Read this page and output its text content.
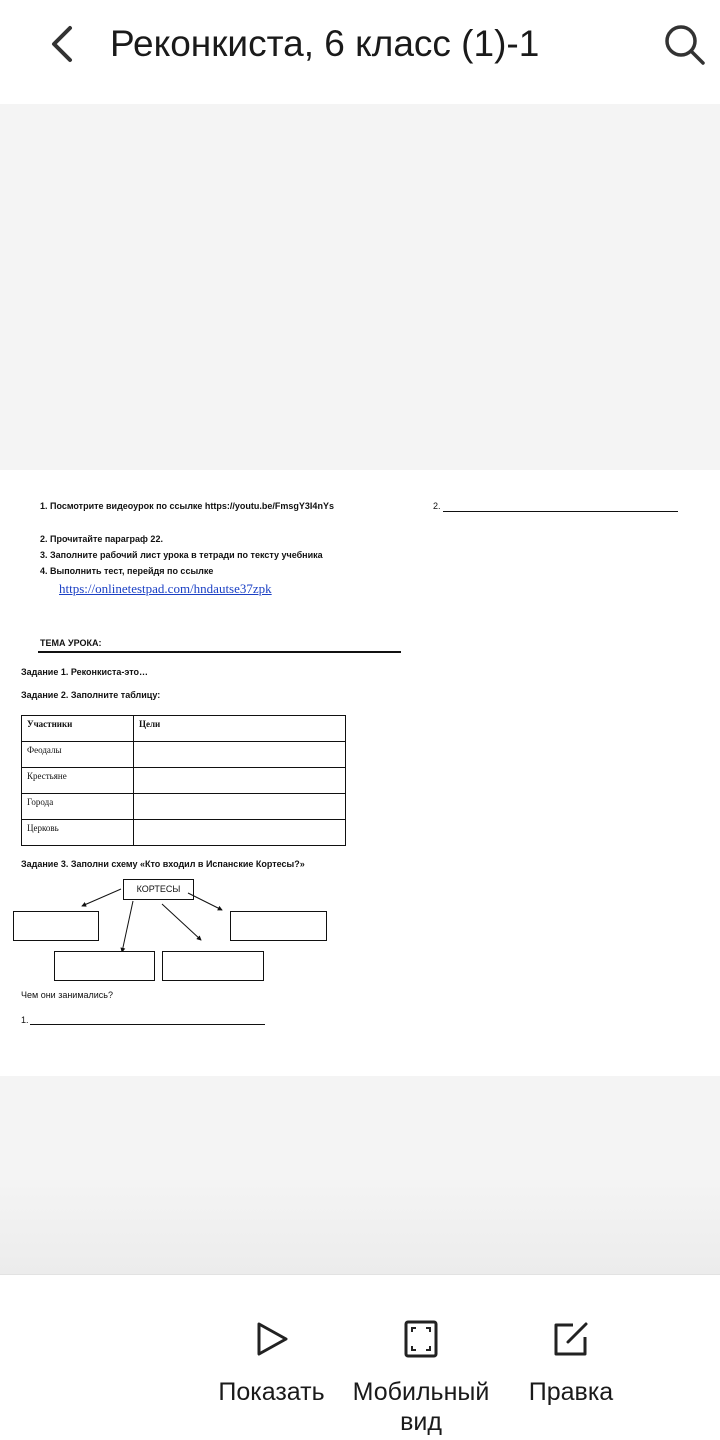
Реконкиста, 6 класс (1)-1
1. Посмотрите видеоурок по ссылке https://youtu.be/FmsgY3I4nYs	2.
2. Прочитайте параграф 22.
3. Заполните рабочий лист урока в тетради по тексту учебника
4. Выполнить тест, перейдя по ссылке
https://onlinetestpad.com/hndautse37zpk
ТЕМА УРОКА:
Задание 1. Реконкиста-это…
Задание 2. Заполните таблицу:
Участники	Цели
Феодалы	
Крестьяне	
Города	
Церковь	
Задание 3. Заполни схему «Кто входил в Испанские Кортесы?»
КОРТЕСЫ
Чем они занимались?
1.
Показать	Мобильный
вид
Правка
